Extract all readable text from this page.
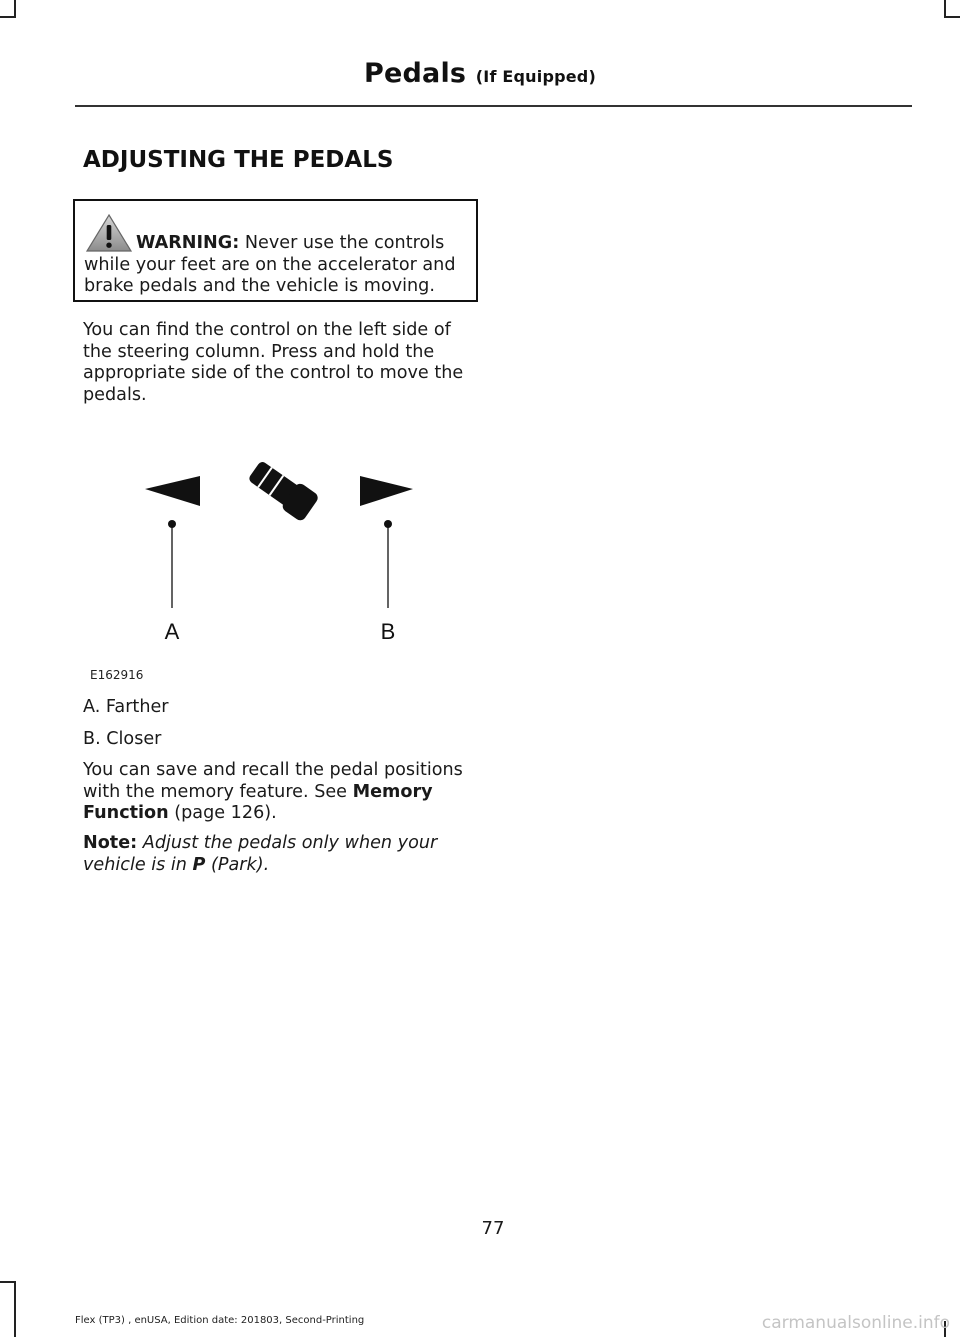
Pedals (If Equipped)
ADJUSTING THE PEDALS

WARNING: Never use the controls while your feet are on the accelerator and brake pedals and the vehicle is moving.

You can find the control on the left side of the steering column. Press and hold the appropriate side of the control to move the pedals.

A	B
E162916

A. Farther

B. Closer

You can save and recall the pedal positions with the memory feature. See Memory Function (page 126).

Note: Adjust the pedals only when your vehicle is in P (Park).

77
Flex (TP3) , enUSA, Edition date: 201803, Second-Printing	carmanualsonline.info
